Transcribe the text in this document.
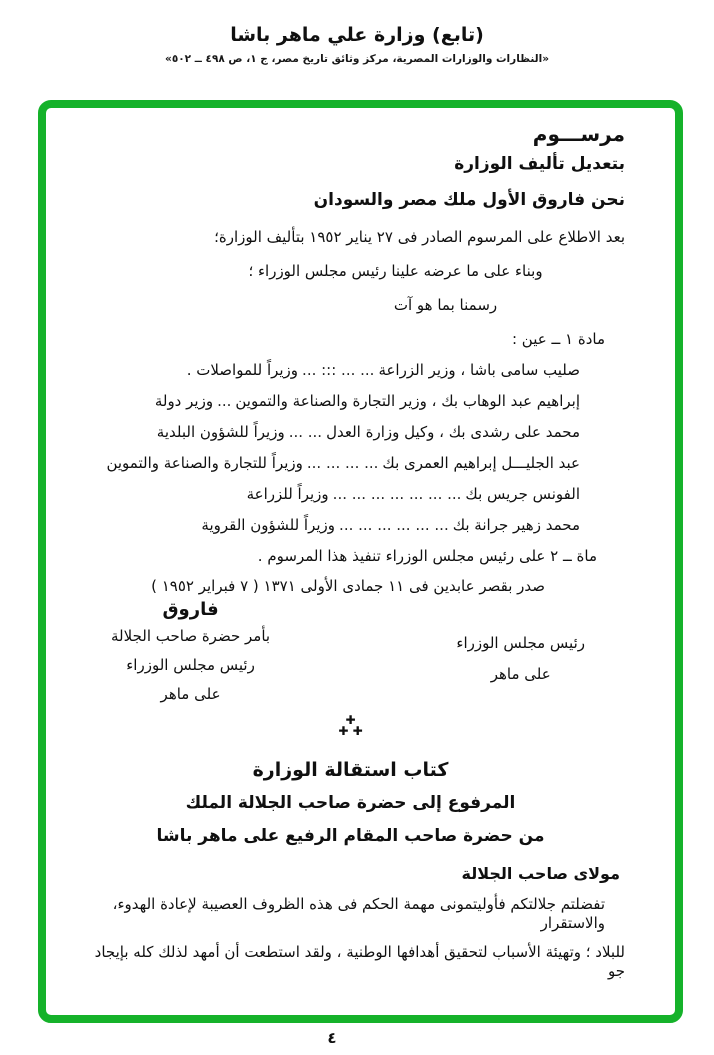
(تابع) وزارة علي ماهر باشا
«النظارات والوزارات المصرية، مركز وثائق تاريخ مصر، ج ١، ص ٤٩٨ ــ ٥٠٢»
مرســـوم
بتعديل تأليف الوزارة
نحن فاروق الأول ملك مصر والسودان
بعد الاطلاع على المرسوم الصادر فى ٢٧ يناير ١٩٥٢ بتأليف الوزارة؛
وبناء على ما عرضه علينا رئيس مجلس الوزراء ؛
رسمنا بما هو آت
مادة ١ ــ عين :
صليب سامى باشا ، وزير الزراعة... ... ::: ...وزيراً للمواصلات .
إبراهيم عبد الوهاب بك ، وزير التجارة والصناعة والتموين...وزير دولة
محمد على رشدى بك ، وكيل وزارة العدل... ...وزيراً للشؤون البلدية
عبد الجليـــل إبراهيم العمرى بك... ... ... ...وزيراً للتجارة والصناعة والتموين
الفونس جريس بك... ... ... ... ... ... ...وزيراً للزراعة
محمد زهير جرانة بك... ... ... ... ... ...وزيراً للشؤون القروية
ماة ــ ٢ على رئيس مجلس الوزراء تنفيذ هذا المرسوم .
صدر بقصر عابدين فى ١١ جمادى الأولى ١٣٧١ ( ٧ فبراير ١٩٥٢ )
رئيس مجلس الوزراء
على ماهر
فاروق
بأمر حضرة صاحب الجلالة
رئيس مجلس الوزراء
على ماهر
✚
✚ ✚
كتاب استقالة الوزارة
المرفوع إلى حضرة صاحب الجلالة الملك
من حضرة صاحب المقام الرفيع على ماهر باشا
مولاى صاحب الجلالة
تفضلتم جلالتكم فأوليتمونى مهمة الحكم فى هذه الظروف العصيبة لإعادة الهدوء، والاستقرار
للبلاد ؛ وتهيئة الأسباب لتحقيق أهدافها الوطنية ، ولقد استطعت أن أمهد لذلك كله بإيجاد جو
٤
